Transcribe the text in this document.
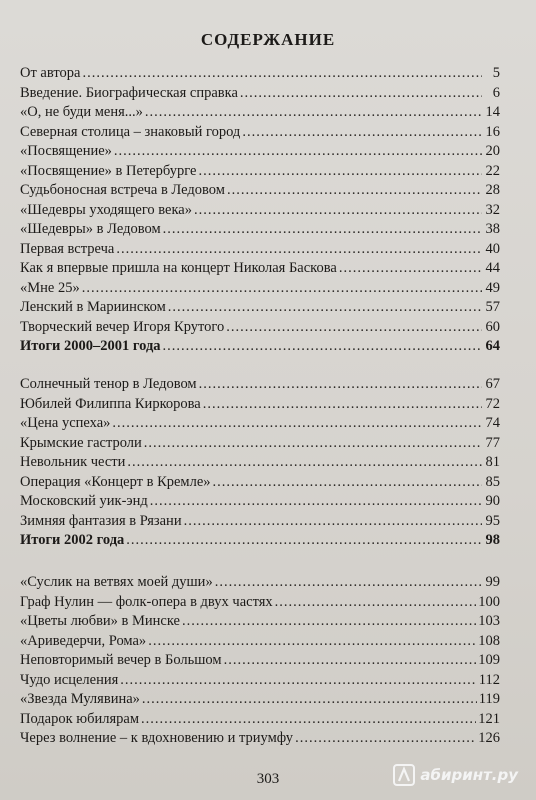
СОДЕРЖАНИЕ
От автора .....	5
Введение. Биографическая справка .....	6
«О, не буди меня...» .....	14
Северная столица – знаковый город .....	16
«Посвящение» .....	20
«Посвящение» в Петербурге .....	22
Судьбоносная встреча в Ледовом .....	28
«Шедевры уходящего века» .....	32
«Шедевры» в Ледовом .....	38
Первая встреча .....	40
Как я впервые пришла на концерт Николая Баскова .....	44
«Мне 25» .....	49
Ленский в Мариинском .....	57
Творческий вечер Игоря Крутого .....	60
Итоги 2000–2001 года .....	64
Солнечный тенор в Ледовом .....	67
Юбилей Филиппа Киркорова .....	72
«Цена успеха» .....	74
Крымские гастроли .....	77
Невольник чести .....	81
Операция «Концерт в Кремле» .....	85
Московский уик-энд .....	90
Зимняя фантазия в Рязани .....	95
Итоги 2002 года .....	98
«Суслик на ветвях моей души» .....	99
Граф Нулин — фолк-опера в двух частях .....	100
«Цветы любви» в Минске .....	103
«Ариведерчи, Рома» .....	108
Неповторимый вечер в Большом .....	109
Чудо исцеления .....	112
«Звезда Мулявина» .....	119
Подарок юбилярам .....	121
Через волнение – к вдохновению и триумфу .....	126
303	абиринт.ру
